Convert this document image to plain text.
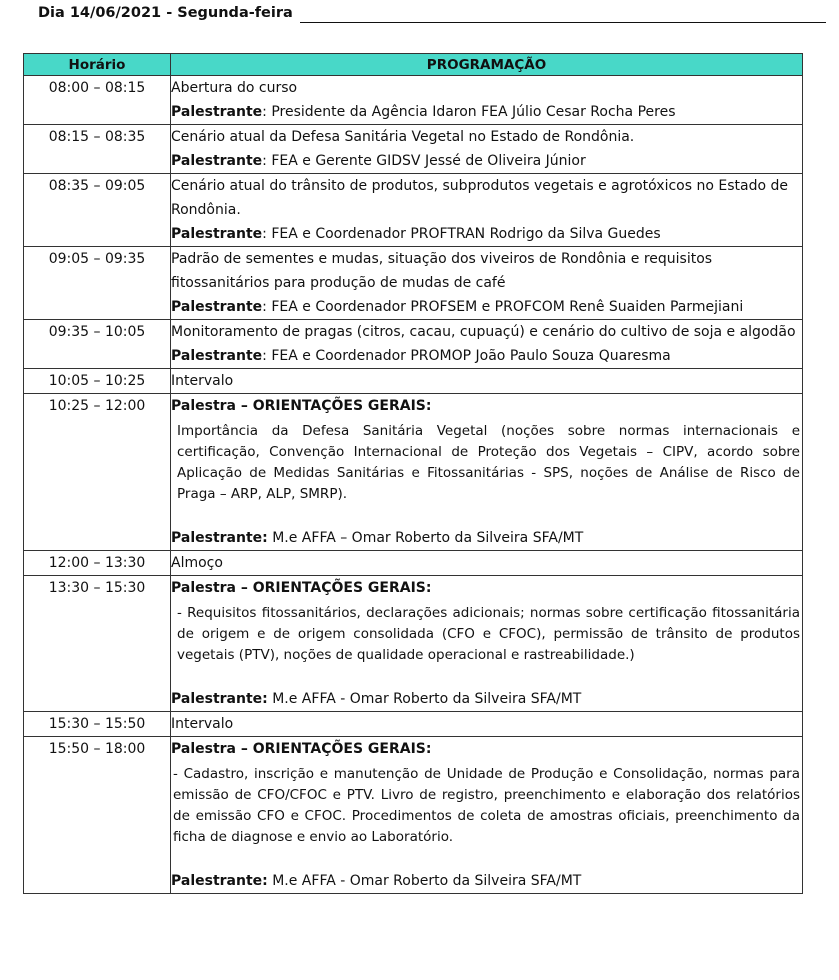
Dia 14/06/2021 - Segunda-feira
Horário	PROGRAMAÇÃO
08:00 – 08:15	Abertura do curso
Palestrante: Presidente da Agência Idaron FEA Júlio Cesar Rocha Peres

08:15 – 08:35	Cenário atual da Defesa Sanitária Vegetal no Estado de Rondônia.
Palestrante: FEA e Gerente GIDSV Jessé de Oliveira Júnior

08:35 – 09:05	Cenário atual do trânsito de produtos, subprodutos vegetais e agrotóxicos no Estado de Rondônia.
Palestrante: FEA e Coordenador PROFTRAN Rodrigo da Silva Guedes

09:05 – 09:35	Padrão de sementes e mudas, situação dos viveiros de Rondônia e requisitos fitossanitários para produção de mudas de café
Palestrante: FEA e Coordenador PROFSEM e PROFCOM Renê Suaiden Parmejiani

09:35 – 10:05	Monitoramento de pragas (citros, cacau, cupuaçú) e cenário do cultivo de soja e algodão
Palestrante: FEA e Coordenador PROMOP João Paulo Souza Quaresma

10:05 – 10:25	Intervalo

10:25 – 12:00	Palestra – ORIENTAÇÕES GERAIS:
Importância da Defesa Sanitária Vegetal (noções sobre normas internacionais e certificação, Convenção Internacional de Proteção dos Vegetais – CIPV, acordo sobre Aplicação de Medidas Sanitárias e Fitossanitárias - SPS, noções de Análise de Risco de Praga – ARP, ALP, SMRP).
Palestrante: M.e AFFA – Omar Roberto da Silveira SFA/MT

12:00 – 13:30	Almoço

13:30 – 15:30	Palestra – ORIENTAÇÕES GERAIS:
- Requisitos fitossanitários, declarações adicionais; normas sobre certificação fitossanitária de origem e de origem consolidada (CFO e CFOC), permissão de trânsito de produtos vegetais (PTV), noções de qualidade operacional e rastreabilidade.)
Palestrante: M.e AFFA - Omar Roberto da Silveira SFA/MT

15:30 – 15:50	Intervalo

15:50 – 18:00	Palestra – ORIENTAÇÕES GERAIS:
- Cadastro, inscrição e manutenção de Unidade de Produção e Consolidação, normas para emissão de CFO/CFOC e PTV. Livro de registro, preenchimento e elaboração dos relatórios de emissão CFO e CFOC. Procedimentos de coleta de amostras oficiais, preenchimento da ficha de diagnose e envio ao Laboratório.
Palestrante: M.e AFFA - Omar Roberto da Silveira SFA/MT
